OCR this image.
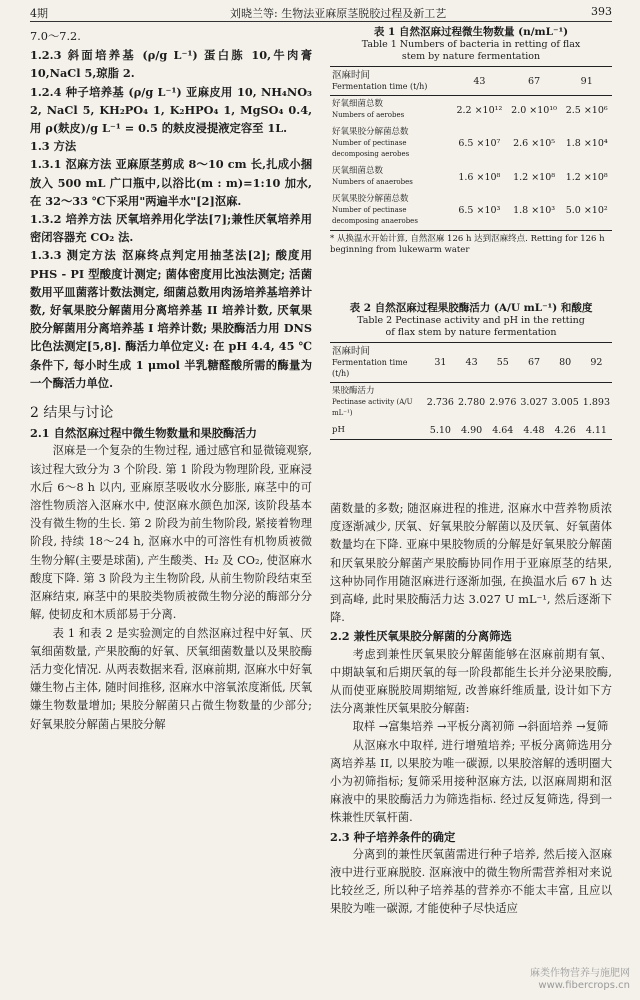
4期	刘晓兰等: 生物法亚麻原茎脱胶过程及新工艺	393

7.0～7.2.

1.2.3 斜面培养基 (ρ/g L⁻¹) 蛋白胨 10,牛肉膏 10,NaCl 5,琼脂 2.

1.2.4 种子培养基 (ρ/g L⁻¹) 亚麻皮用 10, NH₄NO₃ 2, NaCl 5, KH₂PO₄ 1, K₂HPO₄ 1, MgSO₄ 0.4, 用 ρ(麸皮)/g L⁻¹ = 0.5 的麸皮浸提液定容至 1L.

1.3 方法

1.3.1 沤麻方法 亚麻原茎剪成 8～10 cm 长,扎成小捆放入 500 mL 广口瓶中,以浴比(m : m)=1:10 加水,在 32～33 ℃下采用"两遍半水"[2]沤麻.

1.3.2 培养方法 厌氧培养用化学法[7];兼性厌氧培养用密闭容器充 CO₂ 法.

1.3.3 测定方法 沤麻终点判定用抽茎法[2]; 酸度用 PHS - PI 型酸度计测定; 菌体密度用比浊法测定; 活菌数用平皿菌落计数法测定, 细菌总数用肉汤培养基培养计数, 好氧果胶分解菌用分离培养基 II 培养计数, 厌氧果胶分解菌用分离培养基 I 培养计数; 果胶酶活力用 DNS 比色法测定[5,8]. 酶活力单位定义: 在 pH 4.4, 45 ℃条件下, 每小时生成 1 μmol 半乳糖醛酸所需的酶量为一个酶活力单位.

2 结果与讨论

2.1 自然沤麻过程中微生物数量和果胶酶活力

沤麻是一个复杂的生物过程, 通过感官和显微镜观察, 该过程大致分为 3 个阶段. 第 1 阶段为物理阶段, 亚麻浸水后 6～8 h 以内, 亚麻原茎吸收水分膨胀, 麻茎中的可溶性物质溶入沤麻水中, 使沤麻水颜色加深, 该阶段基本没有微生物的生长. 第 2 阶段为前生物阶段, 紧接着物理阶段, 持续 18～24 h, 沤麻水中的可溶性有机物质被微生物分解(主要是球菌), 产生酸类、H₂ 及 CO₂, 使沤麻水酸度下降. 第 3 阶段为主生物阶段, 从前生物阶段结束至沤麻结束, 麻茎中的果胶类物质被微生物分泌的酶部分分解, 使韧皮和木质部易于分离.

表 1 和表 2 是实验测定的自然沤麻过程中好氧、厌氧细菌数量, 产果胶酶的好氧、厌氧细菌数量以及果胶酶活力变化情况. 从两表数据来看, 沤麻前期, 沤麻水中好氧嫌生物占主体, 随时间推移, 沤麻水中溶氧浓度渐低, 厌氧嫌生物数量增加; 果胶分解菌只占微生物数量的少部分; 好氧果胶分解菌占果胶分解

表 1 自然沤麻过程微生物数量 (n/mL⁻¹)
Table 1 Numbers of bacteria in retting of flax
stem by nature fermentation
沤麻时间
Fermentation time (t/h)	43	67	91
好氧细菌总数
Numbers of aerobes	2.2 ×10¹²	2.0 ×10¹⁰	2.5 ×10⁶
好氧果胶分解菌总数
Number of pectinase decomposing aerobes	6.5 ×10⁷	2.6 ×10⁵	1.8 ×10⁴
厌氧细菌总数
Numbers of anaerobes	1.6 ×10⁸	1.2 ×10⁸	1.2 ×10⁸
厌氧果胶分解菌总数
Number of pectinase decomposing anaerobes	6.5 ×10³	1.8 ×10³	5.0 ×10²
* 从换温水开始计算, 自然沤麻 126 h 达到沤麻终点. Retting for 126 h beginning from lukewarm water
表 2 自然沤麻过程果胶酶活力 (A/U mL⁻¹) 和酸度
Table 2 Pectinase activity and pH in the retting
of flax stem by nature fermentation
沤麻时间
Fermentation time (t/h)	31	43	55	67	80	92
果胶酶活力
Pectinase activity (A/U mL⁻¹)	2.736	2.780	2.976	3.027	3.005	1.893
pH	5.10	4.90	4.64	4.48	4.26	4.11

菌数量的多数; 随沤麻进程的推进, 沤麻水中营养物质浓度逐渐减少, 厌氧、好氧果胶分解菌以及厌氧、好氧菌体数量均在下降. 亚麻中果胶物质的分解是好氧果胶分解菌和厌氧果胶分解菌产果胶酶协同作用于亚麻原茎的结果, 这种协同作用随沤麻进行逐渐加强, 在换温水后 67 h 达到高峰, 此时果胶酶活力达 3.027 U mL⁻¹, 然后逐渐下降.

2.2 兼性厌氧果胶分解菌的分离筛选

考虑到兼性厌氧果胶分解菌能够在沤麻前期有氧、中期缺氧和后期厌氧的每一阶段都能生长并分泌果胶酶, 从而使亚麻脱胶周期缩短, 改善麻纤维质量, 设计如下方法分离兼性厌氧果胶分解菌:

取样 →富集培养 →平板分离初筛 →斜面培养 →复筛

从沤麻水中取样, 进行增殖培养; 平板分离筛选用分离培养基 II, 以果胶为唯一碳源, 以果胶溶解的透明圈大小为初筛指标; 复筛采用接种沤麻方法, 以沤麻周期和沤麻液中的果胶酶活力为筛选指标. 经过反复筛选, 得到一株兼性厌氧杆菌.

2.3 种子培养条件的确定

分离到的兼性厌氧菌需进行种子培养, 然后接入沤麻液中进行亚麻脱胶. 沤麻液中的微生物所需营养相对来说比较丝乏, 所以种子培养基的营养亦不能太丰富, 且应以果胶为唯一碳源, 才能使种子尽快适应

麻类作物营养与施肥网
www.fibercrops.cn
